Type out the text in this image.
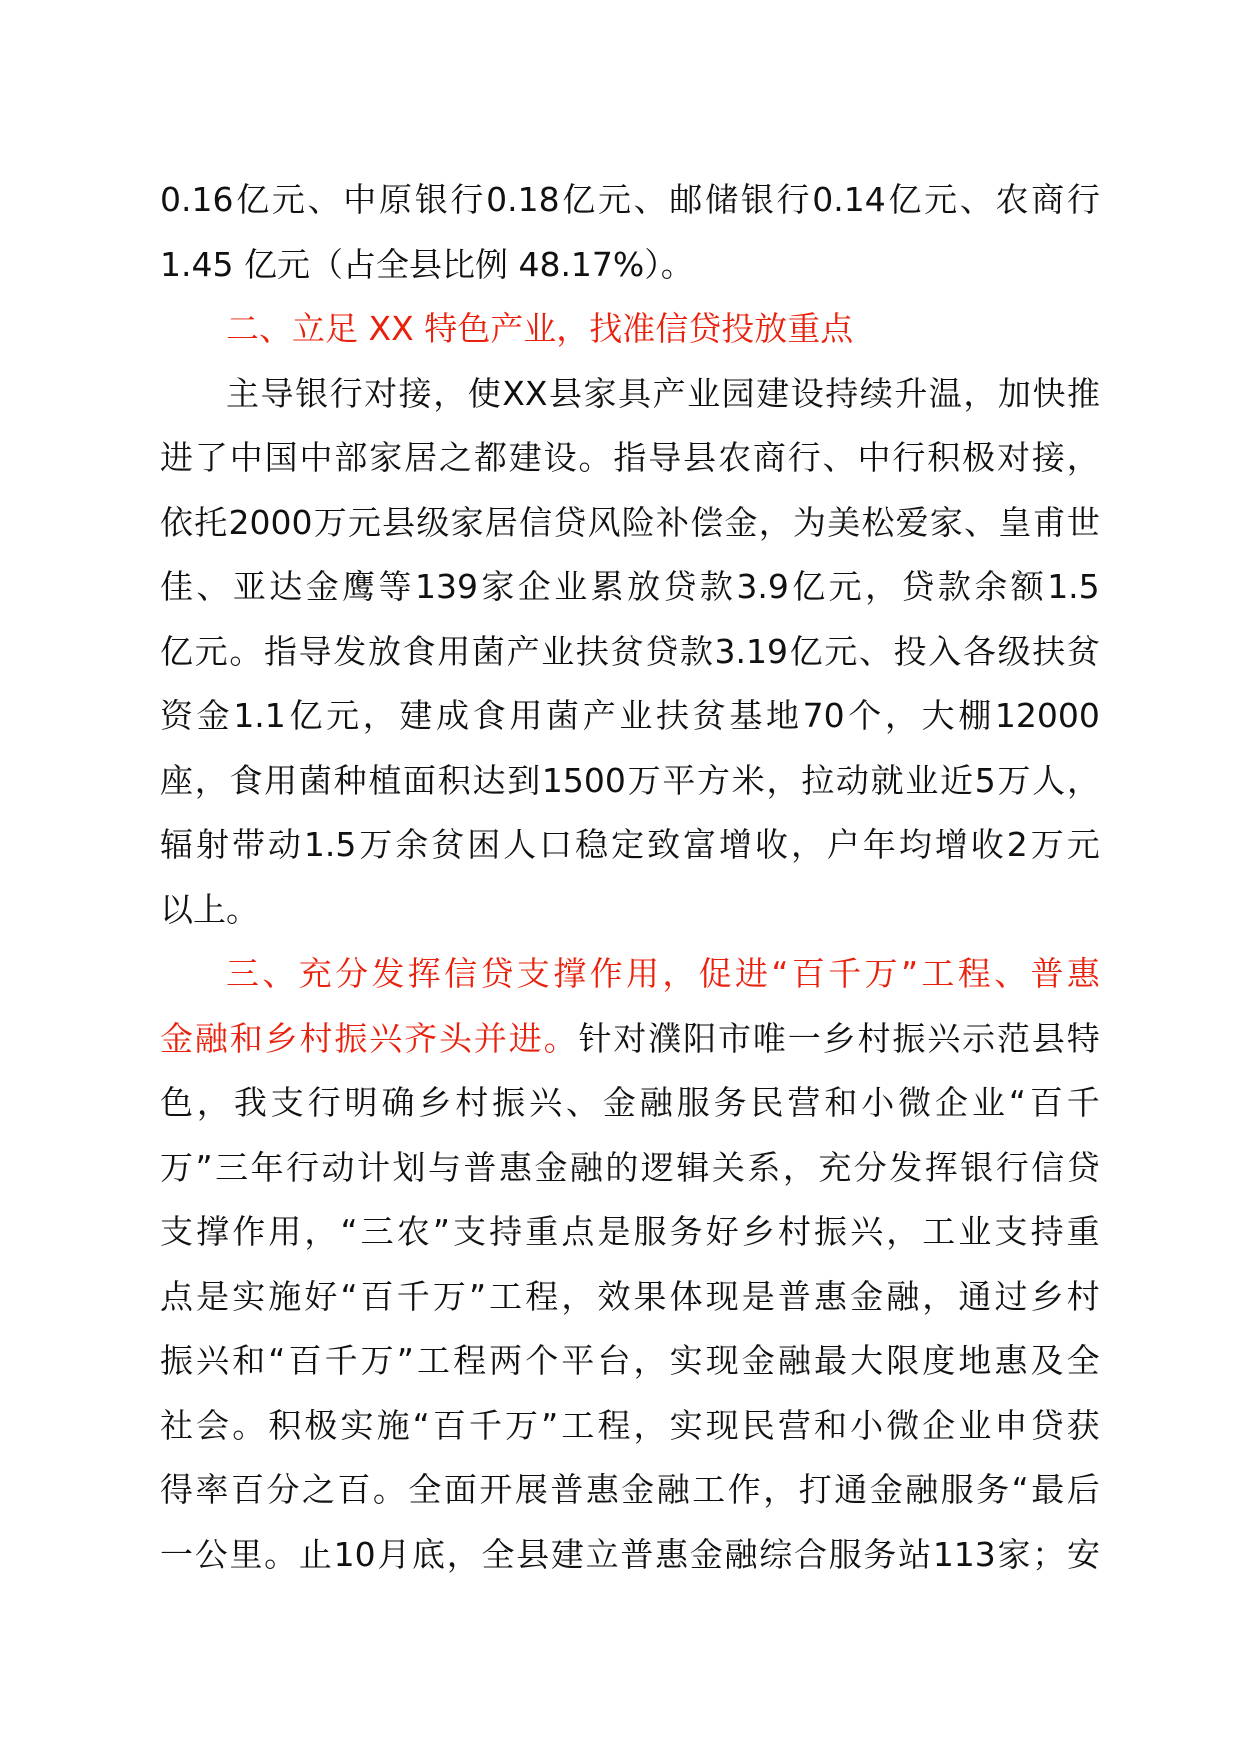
0.16 亿 元 、 中 原 银 行 0.18 亿 元 、 邮 储 银 行 0.14 亿 元 、 农 商 行
1.45 亿元（占全县比例 48.17%）。
二、立足 XX 特色产业，找准信贷投放重点
主 导 银 行 对 接 ， 使 XX 县 家 具 产 业 园 建 设 持 续 升 温 ， 加 快 推
进 了 中 国 中 部 家 居 之 都 建 设 。 指 导 县 农 商 行 、 中 行 积 极 对 接 ，
依 托 2000 万 元 县 级 家 居 信 贷 风 险 补 偿 金 ， 为 美 松 爱 家 、 皇 甫 世
佳 、 亚 达 金 鹰 等 139 家 企 业 累 放 贷 款 3.9 亿 元 ， 贷 款 余 额 1.5
亿 元 。 指 导 发 放 食 用 菌 产 业 扶 贫 贷 款 3.19 亿 元 、 投 入 各 级 扶 贫
资 金 1.1 亿 元 ， 建 成 食 用 菌 产 业 扶 贫 基 地 70 个 ， 大 棚 12000
座 ， 食 用 菌 种 植 面 积 达 到 1500 万 平 方 米 ， 拉 动 就 业 近 5 万 人 ，
辐 射 带 动 1.5 万 余 贫 困 人 口 稳 定 致 富 增 收 ， 户 年 均 增 收 2 万 元
以上。
三 、 充 分 发 挥 信 贷 支 撑 作 用 ， 促 进 “ 百 千 万 ” 工 程 、 普 惠
金 融 和 乡 村 振 兴 齐 头 并 进 。 针 对 濮 阳 市 唯 一 乡 村 振 兴 示 范 县 特
色 ， 我 支 行 明 确 乡 村 振 兴 、 金 融 服 务 民 营 和 小 微 企 业 “ 百 千
万 ” 三 年 行 动 计 划 与 普 惠 金 融 的 逻 辑 关 系 ， 充 分 发 挥 银 行 信 贷
支 撑 作 用 ， “ 三 农 ” 支 持 重 点 是 服 务 好 乡 村 振 兴 ， 工 业 支 持 重
点 是 实 施 好 “ 百 千 万 ” 工 程 ， 效 果 体 现 是 普 惠 金 融 ， 通 过 乡 村
振 兴 和 “ 百 千 万 ” 工 程 两 个 平 台 ， 实 现 金 融 最 大 限 度 地 惠 及 全
社 会 。 积 极 实 施 “ 百 千 万 ” 工 程 ， 实 现 民 营 和 小 微 企 业 申 贷 获
得 率 百 分 之 百 。 全 面 开 展 普 惠 金 融 工 作 ， 打 通 金 融 服 务 “ 最 后
一 公 里 。 止 10 月 底 ， 全 县 建 立 普 惠 金 融 综 合 服 务 站 113 家 ； 安
